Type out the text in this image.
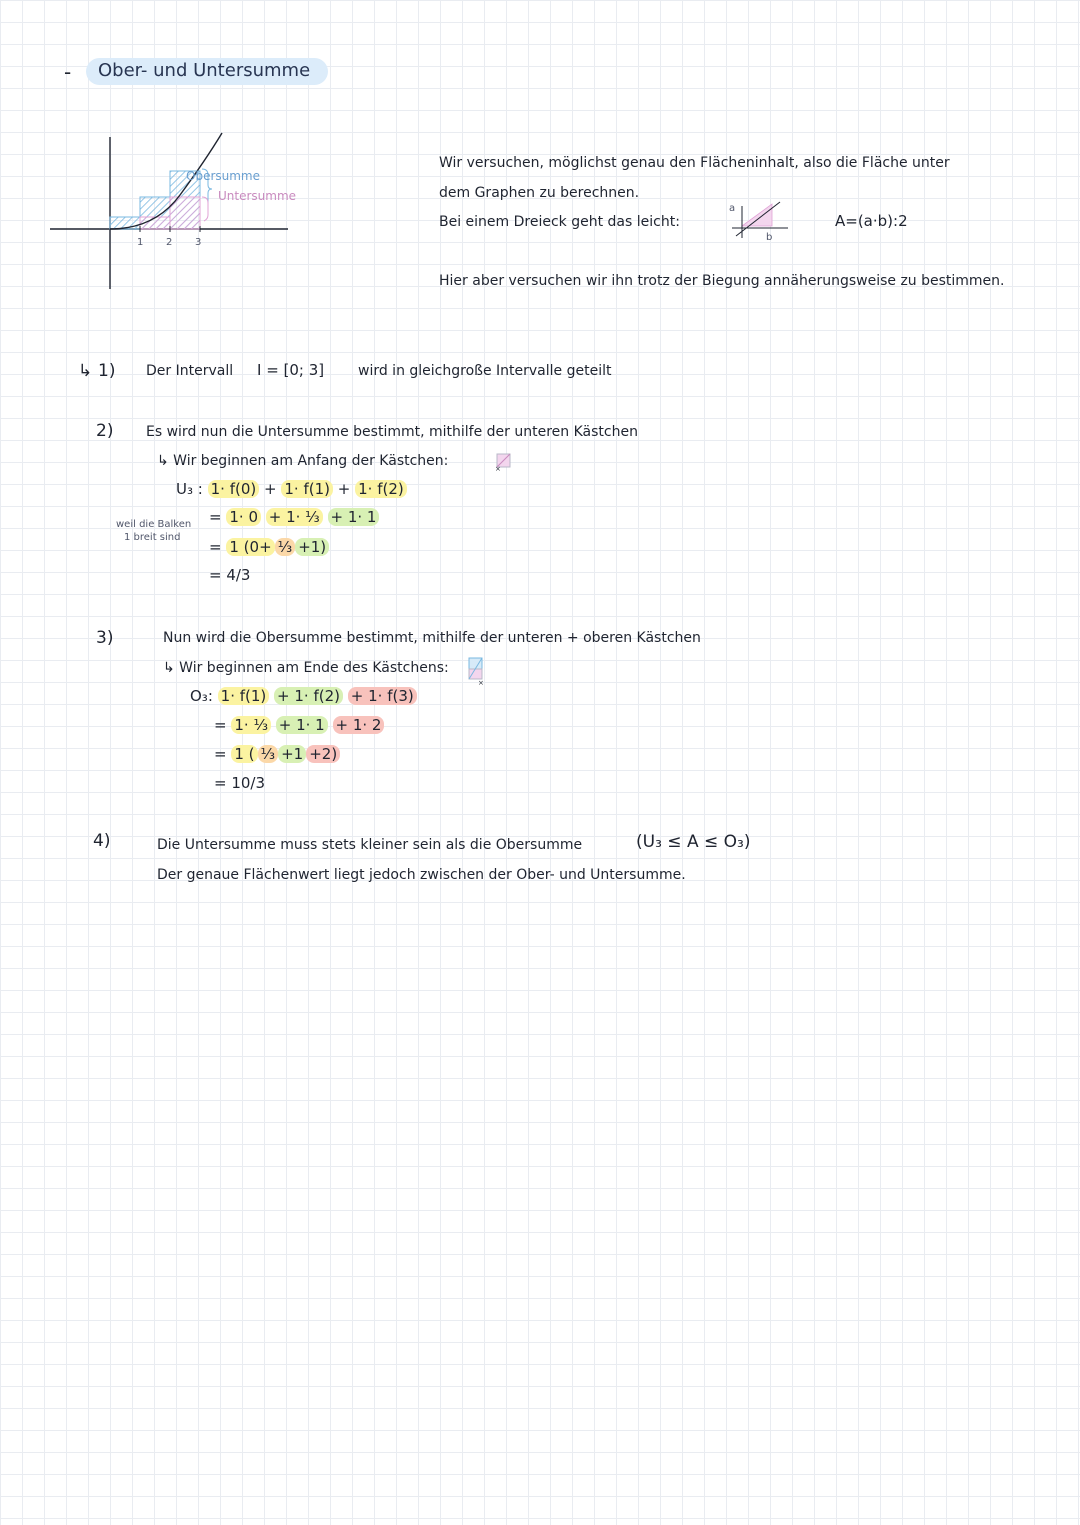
-	Ober- und Untersumme
Obersumme
Untersumme
1 2 3
Wir versuchen, möglichst genau den Flächeninhalt, also die Fläche unter
dem Graphen zu berechnen.
Bei einem Dreieck geht das leicht:
a
b
A=(a·b):2
Hier aber versuchen wir ihn trotz der Biegung annäherungsweise zu bestimmen.
↳ 1) Der Intervall I = [0; 3] wird in gleichgroße Intervalle geteilt
2) Es wird nun die Untersumme bestimmt, mithilfe der unteren Kästchen
↳ Wir beginnen am Anfang der Kästchen:	×
U₃ : 1· f(0) + 1· f(1) + 1· f(2)
weil die Balken
1 breit sind
= 1· 0 + 1· ⅓ + 1· 1
= 1 (0+ ⅓ +1)
= 4/3
3)	Nun wird die Obersumme bestimmt, mithilfe der unteren + oberen Kästchen
↳ Wir beginnen am Ende des Kästchens:
×
O₃: 1· f(1) + 1· f(2) + 1· f(3)
= 1· ⅓ + 1· 1 + 1· 2
= 1 ( ⅓ +1 +2)
= 10/3
4)	Die Untersumme muss stets kleiner sein als die Obersumme	(U₃ ≤ A ≤ O₃)
Der genaue Flächenwert liegt jedoch zwischen der Ober- und Untersumme.
